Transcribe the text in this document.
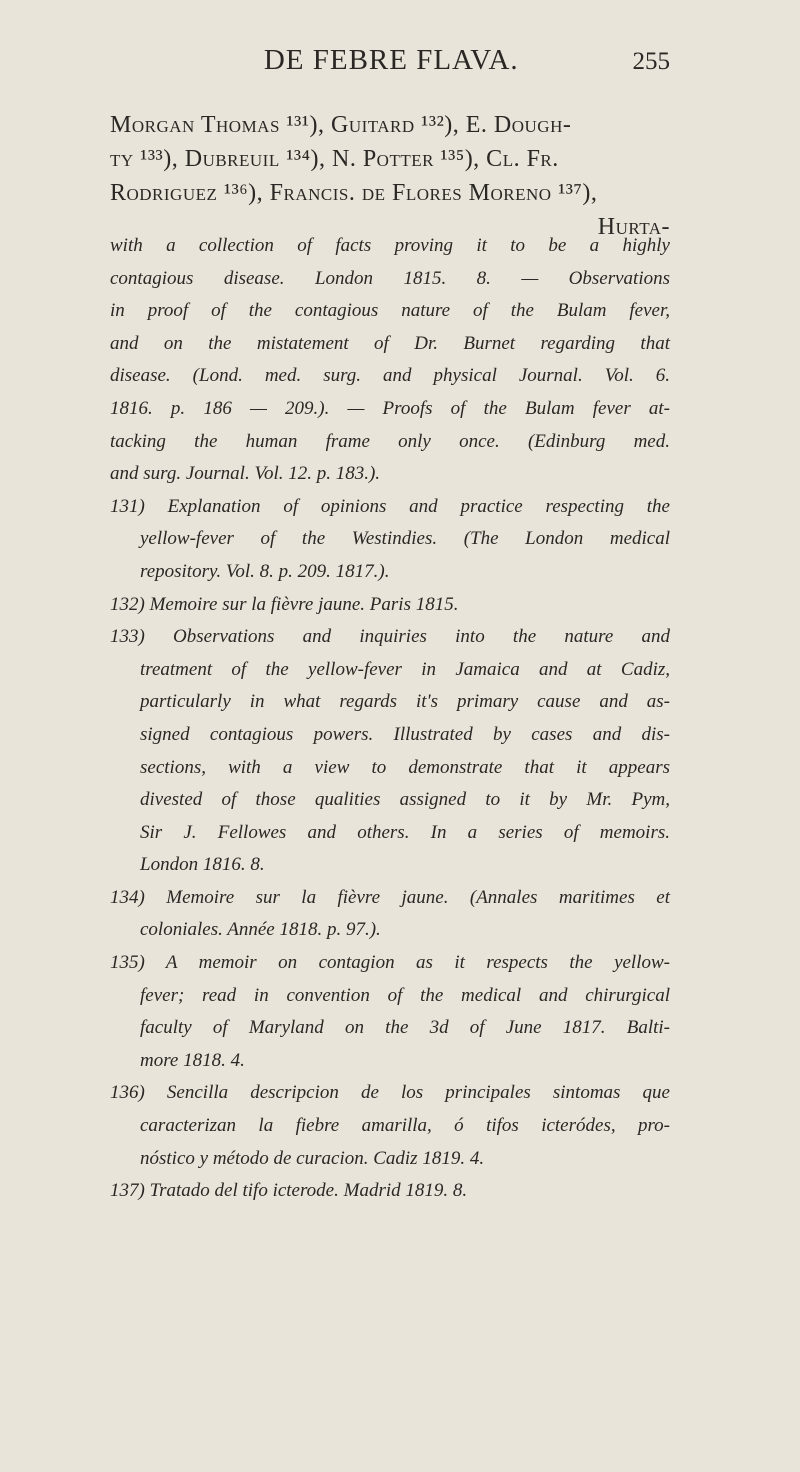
DE FEBRE FLAVA.	255
Morgan Thomas ¹³¹), Guitard ¹³²), E. Dough-
ty ¹³³), Dubreuil ¹³⁴), N. Potter ¹³⁵), Cl. Fr.
Rodriguez ¹³⁶), Francis. de Flores Moreno ¹³⁷),
Hurta-
with a collection of facts proving it to be a highly
contagious disease. London 1815. 8. — Observations
in proof of the contagious nature of the Bulam fever,
and on the mistatement of Dr. Burnet regarding that
disease. (Lond. med. surg. and physical Journal. Vol. 6.
1816. p. 186 — 209.). — Proofs of the Bulam fever at-
tacking the human frame only once. (Edinburg med.
and surg. Journal. Vol. 12. p. 183.).
131) Explanation of opinions and practice respecting the
yellow-fever of the Westindies. (The London medical
repository. Vol. 8. p. 209. 1817.).
132) Memoire sur la fièvre jaune. Paris 1815.
133) Observations and inquiries into the nature and
treatment of the yellow-fever in Jamaica and at Cadiz,
particularly in what regards it's primary cause and as-
signed contagious powers. Illustrated by cases and dis-
sections, with a view to demonstrate that it appears
divested of those qualities assigned to it by Mr. Pym,
Sir J. Fellowes and others. In a series of memoirs.
London 1816. 8.
134) Memoire sur la fièvre jaune. (Annales maritimes et
coloniales. Année 1818. p. 97.).
135) A memoir on contagion as it respects the yellow-
fever; read in convention of the medical and chirurgical
faculty of Maryland on the 3d of June 1817. Balti-
more 1818. 4.
136) Sencilla descripcion de los principales sintomas que
caracterizan la fiebre amarilla, ó tifos icteródes, pro-
nóstico y método de curacion. Cadiz 1819. 4.
137) Tratado del tifo icterode. Madrid 1819. 8.
